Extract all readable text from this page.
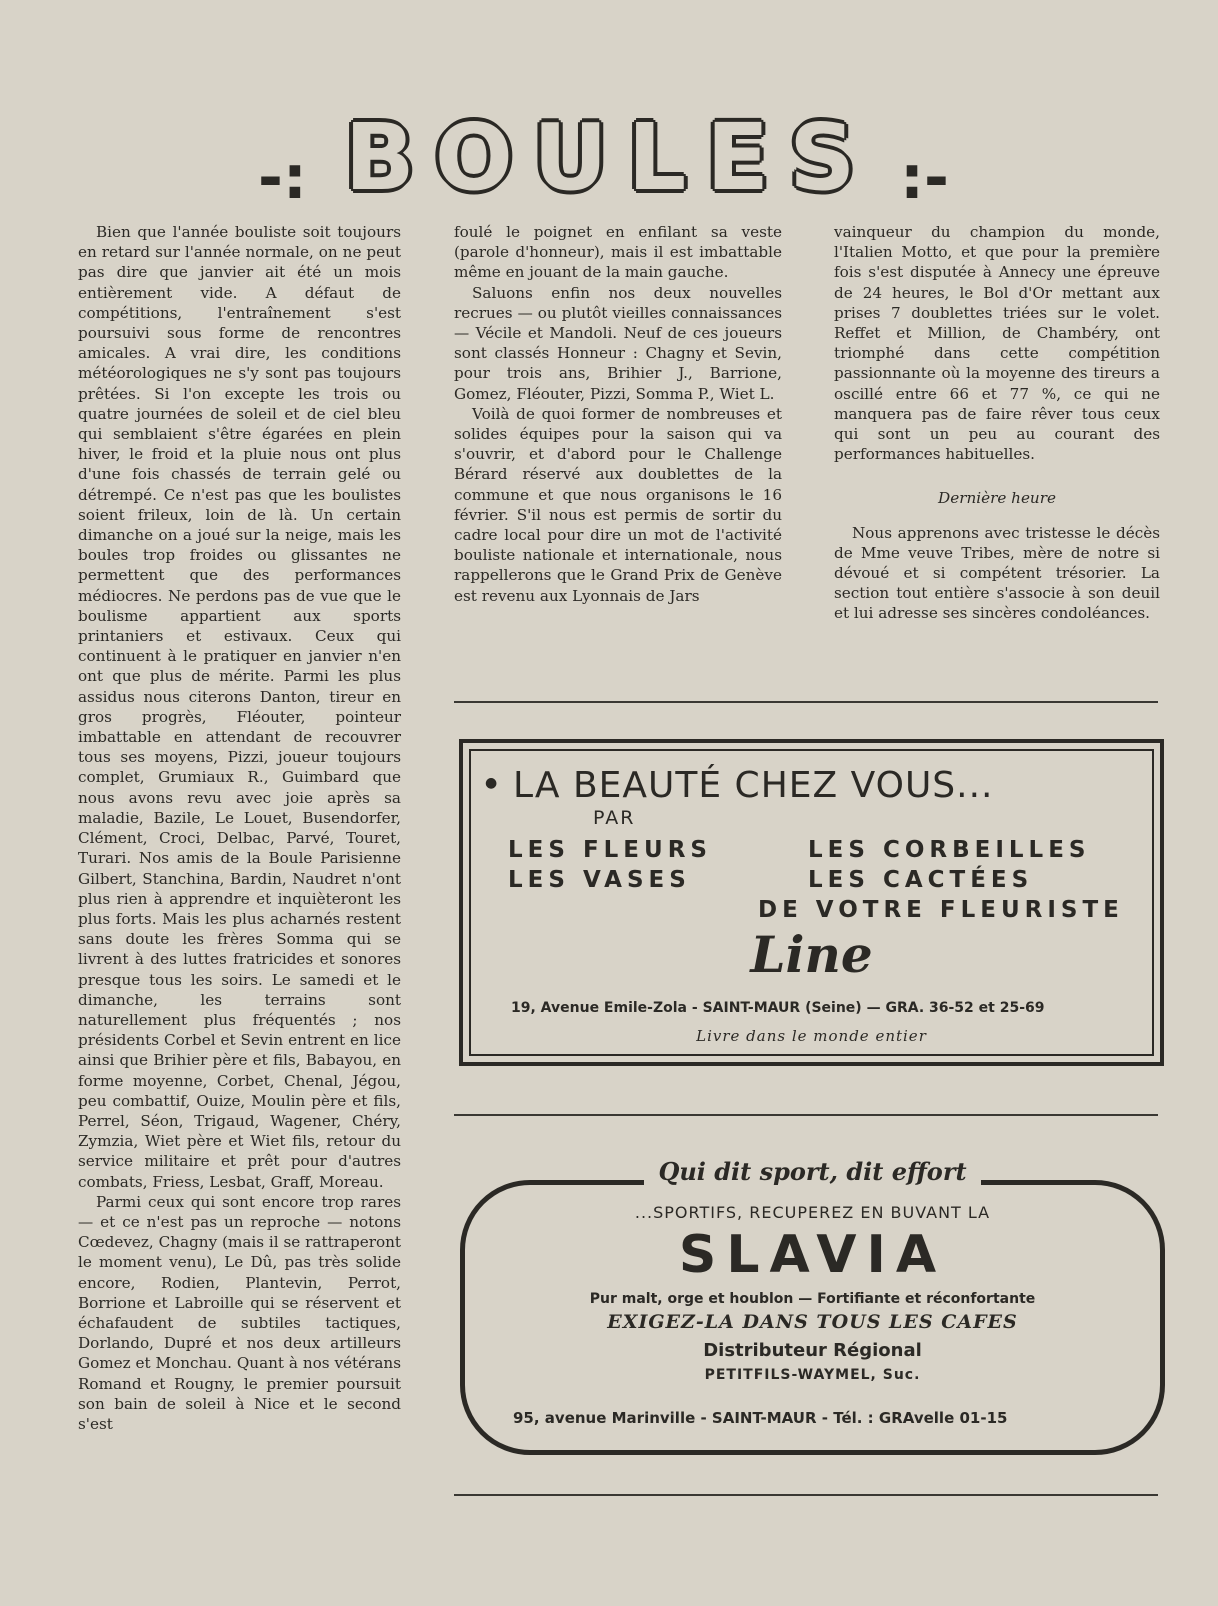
-: BOULES :-

Bien que l'année bouliste soit toujours en retard sur l'année normale, on ne peut pas dire que janvier ait été un mois entièrement vide. A défaut de compétitions, l'entraînement s'est poursuivi sous forme de rencontres amicales. A vrai dire, les conditions météorologiques ne s'y sont pas toujours prêtées. Si l'on excepte les trois ou quatre journées de soleil et de ciel bleu qui semblaient s'être égarées en plein hiver, le froid et la pluie nous ont plus d'une fois chassés de terrain gelé ou détrempé. Ce n'est pas que les boulistes soient frileux, loin de là. Un certain dimanche on a joué sur la neige, mais les boules trop froides ou glissantes ne permettent que des performances médiocres. Ne perdons pas de vue que le boulisme appartient aux sports printaniers et estivaux. Ceux qui continuent à le pratiquer en janvier n'en ont que plus de mérite. Parmi les plus assidus nous citerons Danton, tireur en gros progrès, Fléouter, pointeur imbattable en attendant de recouvrer tous ses moyens, Pizzi, joueur toujours complet, Grumiaux R., Guimbard que nous avons revu avec joie après sa maladie, Bazile, Le Louet, Busendorfer, Clément, Croci, Delbac, Parvé, Touret, Turari. Nos amis de la Boule Parisienne Gilbert, Stanchina, Bardin, Naudret n'ont plus rien à apprendre et inquièteront les plus forts. Mais les plus acharnés restent sans doute les frères Somma qui se livrent à des luttes fratricides et sonores presque tous les soirs. Le samedi et le dimanche, les terrains sont naturellement plus fréquentés ; nos présidents Corbel et Sevin entrent en lice ainsi que Brihier père et fils, Babayou, en forme moyenne, Corbet, Chenal, Jégou, peu combattif, Ouize, Moulin père et fils, Perrel, Séon, Trigaud, Wagener, Chéry, Zymzia, Wiet père et Wiet fils, retour du service militaire et prêt pour d'autres combats, Friess, Lesbat, Graff, Moreau.

Parmi ceux qui sont encore trop rares — et ce n'est pas un reproche — notons Cœdevez, Chagny (mais il se rattraperont le moment venu), Le Dû, pas très solide encore, Rodien, Plantevin, Perrot, Borrione et Labroille qui se réservent et échafaudent de subtiles tactiques, Dorlando, Dupré et nos deux artilleurs Gomez et Monchau. Quant à nos vétérans Romand et Rougny, le premier poursuit son bain de soleil à Nice et le second s'est

foulé le poignet en enfilant sa veste (parole d'honneur), mais il est imbattable même en jouant de la main gauche.

Saluons enfin nos deux nouvelles recrues — ou plutôt vieilles connaissances — Vécile et Mandoli. Neuf de ces joueurs sont classés Honneur : Chagny et Sevin, pour trois ans, Brihier J., Barrione, Gomez, Fléouter, Pizzi, Somma P., Wiet L.

Voilà de quoi former de nombreuses et solides équipes pour la saison qui va s'ouvrir, et d'abord pour le Challenge Bérard réservé aux doublettes de la commune et que nous organisons le 16 février. S'il nous est permis de sortir du cadre local pour dire un mot de l'activité bouliste nationale et internationale, nous rappellerons que le Grand Prix de Genève est revenu aux Lyonnais de Jars

vainqueur du champion du monde, l'Italien Motto, et que pour la première fois s'est disputée à Annecy une épreuve de 24 heures, le Bol d'Or mettant aux prises 7 doublettes triées sur le volet. Reffet et Million, de Chambéry, ont triomphé dans cette compétition passionnante où la moyenne des tireurs a oscillé entre 66 et 77 %, ce qui ne manquera pas de faire rêver tous ceux qui sont un peu au courant des performances habituelles.

Dernière heure

Nous apprenons avec tristesse le décès de Mme veuve Tribes, mère de notre si dévoué et si compétent trésorier. La section tout entière s'associe à son deuil et lui adresse ses sincères condoléances.

● LA BEAUTÉ CHEZ VOUS...
PAR
LES FLEURS
LES VASES
LES CORBEILLES
LES CACTÉES
DE VOTRE FLEURISTE
Line
19, Avenue Emile-Zola - SAINT-MAUR (Seine) — GRA. 36-52 et 25-69
Livre dans le monde entier
Qui dit sport, dit effort
...SPORTIFS, RECUPEREZ EN BUVANT LA
SLAVIA
Pur malt, orge et houblon — Fortifiante et réconfortante
EXIGEZ-LA DANS TOUS LES CAFES
Distributeur Régional
PETITFILS-WAYMEL, Suc.
95, avenue Marinville - SAINT-MAUR - Tél. : GRAvelle 01-15
